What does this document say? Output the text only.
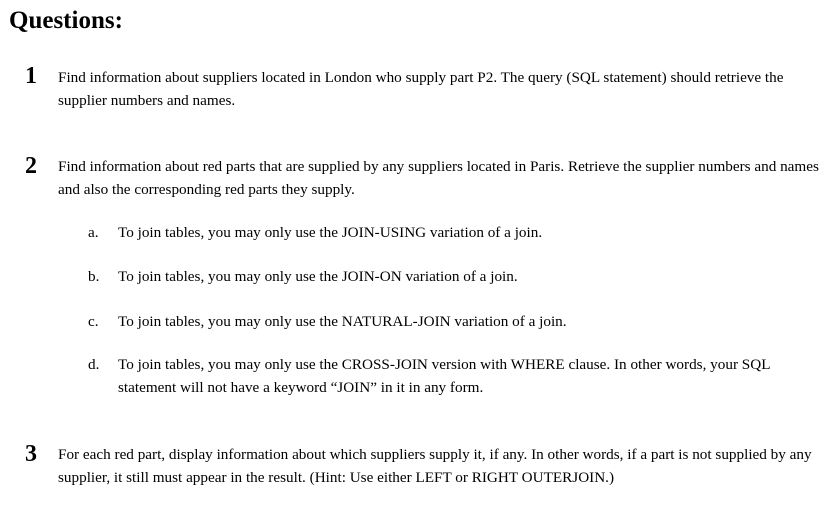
Questions:
1 Find information about suppliers located in London who supply part P2. The query (SQL statement) should retrieve the supplier numbers and names.
2 Find information about red parts that are supplied by any suppliers located in Paris. Retrieve the supplier numbers and names and also the corresponding red parts they supply.
a. To join tables, you may only use the JOIN-USING variation of a join.
b. To join tables, you may only use the JOIN-ON variation of a join.
c. To join tables, you may only use the NATURAL-JOIN variation of a join.
d. To join tables, you may only use the CROSS-JOIN version with WHERE clause. In other words, your SQL statement will not have a keyword “JOIN” in it in any form.
3 For each red part, display information about which suppliers supply it, if any. In other words, if a part is not supplied by any supplier, it still must appear in the result. (Hint: Use either LEFT or RIGHT OUTERJOIN.)
